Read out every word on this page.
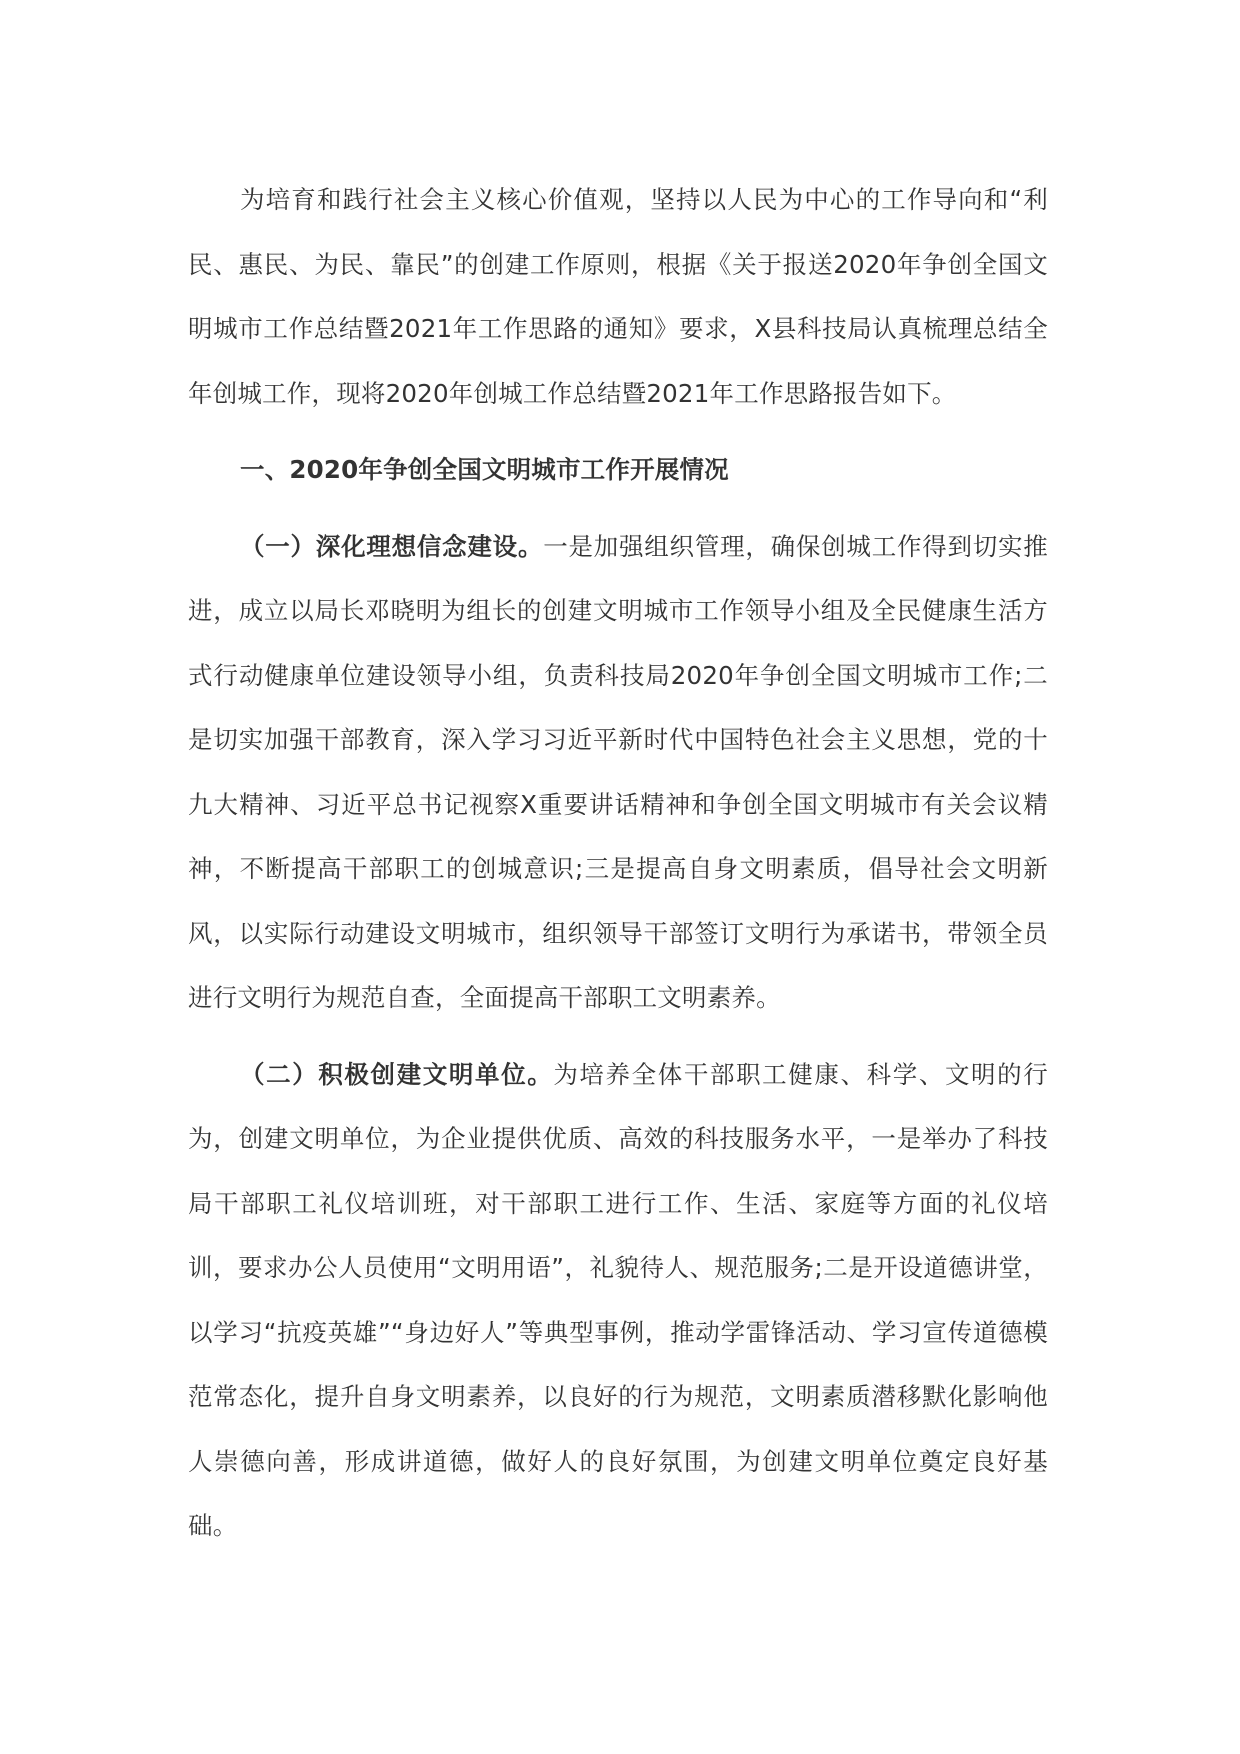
为培育和践行社会主义核心价值观，坚持以人民为中心的工作导向和“利民、惠民、为民、靠民”的创建工作原则，根据《关于报送2020年争创全国文明城市工作总结暨2021年工作思路的通知》要求，X县科技局认真梳理总结全年创城工作，现将2020年创城工作总结暨2021年工作思路报告如下。

一、2020年争创全国文明城市工作开展情况

（一）深化理想信念建设。一是加强组织管理，确保创城工作得到切实推进，成立以局长邓晓明为组长的创建文明城市工作领导小组及全民健康生活方式行动健康单位建设领导小组，负责科技局2020年争创全国文明城市工作;二是切实加强干部教育，深入学习习近平新时代中国特色社会主义思想，党的十九大精神、习近平总书记视察X重要讲话精神和争创全国文明城市有关会议精神，不断提高干部职工的创城意识;三是提高自身文明素质，倡导社会文明新风，以实际行动建设文明城市，组织领导干部签订文明行为承诺书，带领全员进行文明行为规范自查，全面提高干部职工文明素养。

（二）积极创建文明单位。为培养全体干部职工健康、科学、文明的行为，创建文明单位，为企业提供优质、高效的科技服务水平，一是举办了科技局干部职工礼仪培训班，对干部职工进行工作、生活、家庭等方面的礼仪培训，要求办公人员使用“文明用语”，礼貌待人、规范服务;二是开设道德讲堂，以学习“抗疫英雄”“身边好人”等典型事例，推动学雷锋活动、学习宣传道德模范常态化，提升自身文明素养，以良好的行为规范，文明素质潜移默化影响他人崇德向善，形成讲道德，做好人的良好氛围，为创建文明单位奠定良好基础。
